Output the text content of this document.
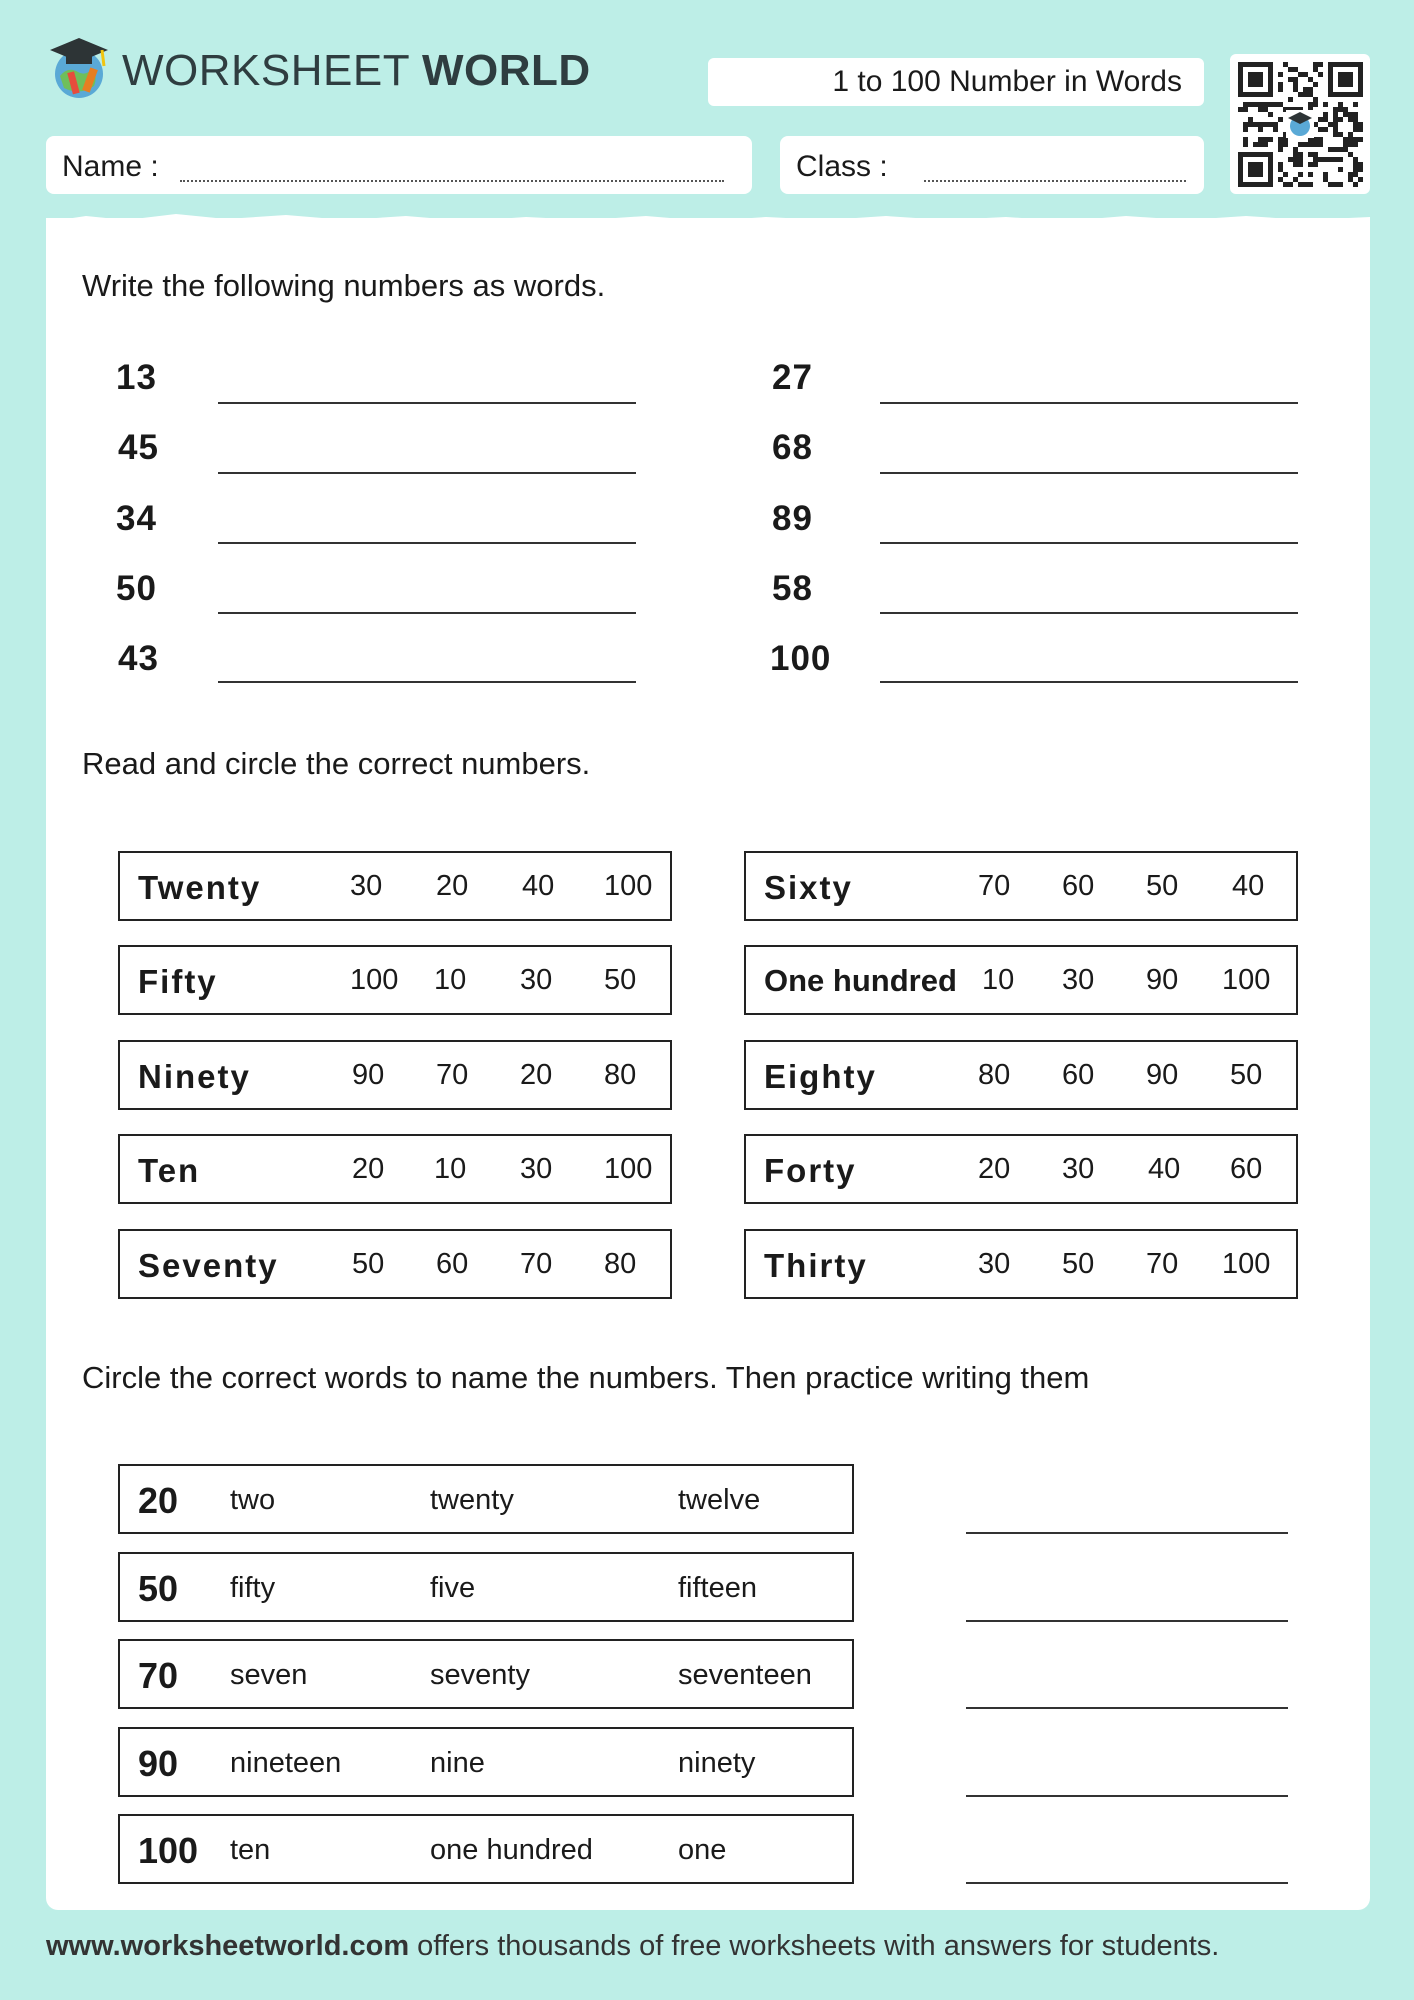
WORKSHEET WORLD	1 to 100 Number in Words
Name :	Class :
Write the following numbers as words.
13
45
34
50
43
27
68
89
58
100
Read and circle the correct numbers.
Twenty	30 20 40 100
Fifty	100 10 30 50
Ninety	90 70 20 80
Ten	20 10 30 100
Seventy	50 60 70 80
Sixty	70 60 50 40
One hundred 10 30 90 100
Eighty	80 60 90 50
Forty	20 30 40 60
Thirty	30 50 70 100
Circle the correct words to name the numbers. Then practice writing them
20 two	twenty	twelve
50 fifty	five	fifteen
70 seven	seventy	seventeen
90 nineteen	nine	ninety
100 ten	one hundred	one
www.worksheetworld.com offers thousands of free worksheets with answers for students.
